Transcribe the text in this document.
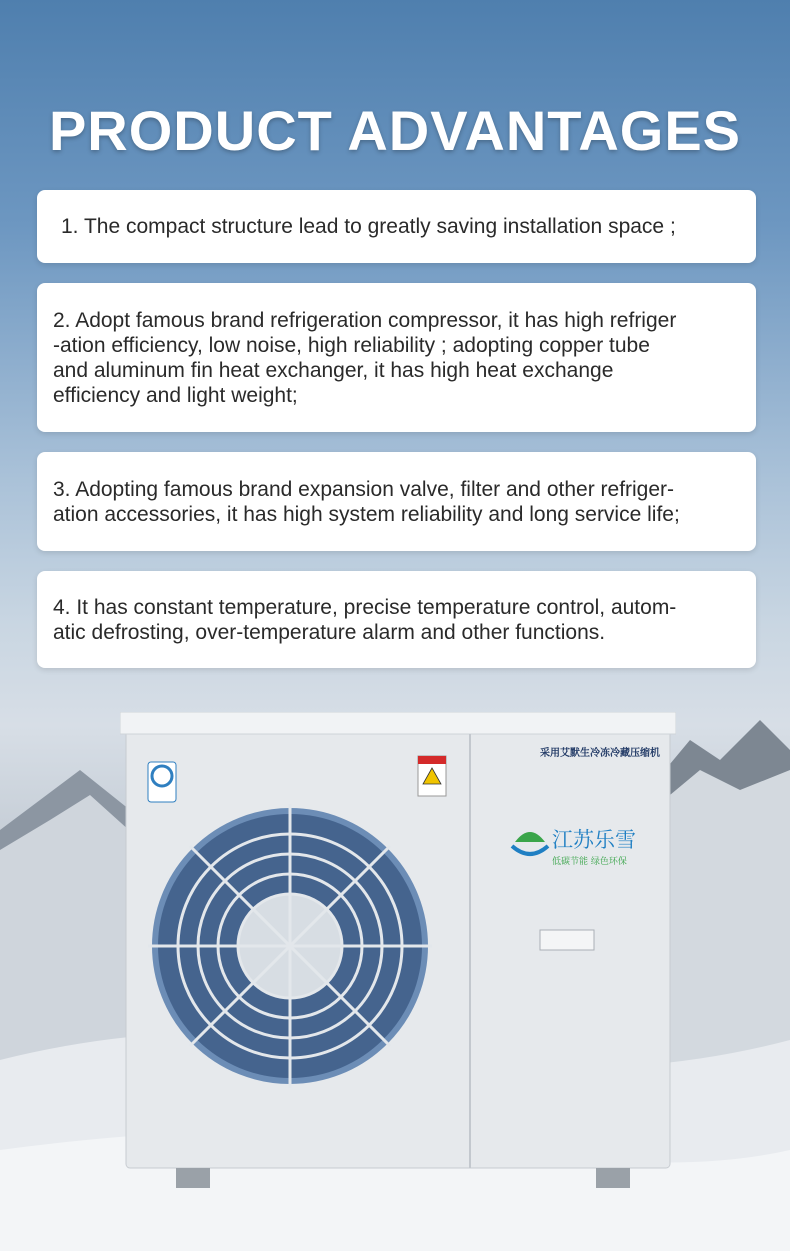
PRODUCT ADVANTAGES
1. The compact structure lead to greatly saving installation space ;
2. Adopt famous brand refrigeration compressor, it has high refriger
-ation efficiency, low noise, high reliability ; adopting copper tube
and aluminum fin heat exchanger, it has high heat exchange
efficiency and light weight;
3. Adopting famous brand expansion valve, filter and other refriger-
ation accessories, it has high system reliability and long service life;
4. It has constant temperature, precise temperature control, autom-
atic defrosting, over-temperature alarm and other functions.
采用艾默生冷冻冷藏压缩机
江苏乐雪
低碳节能 绿色环保
